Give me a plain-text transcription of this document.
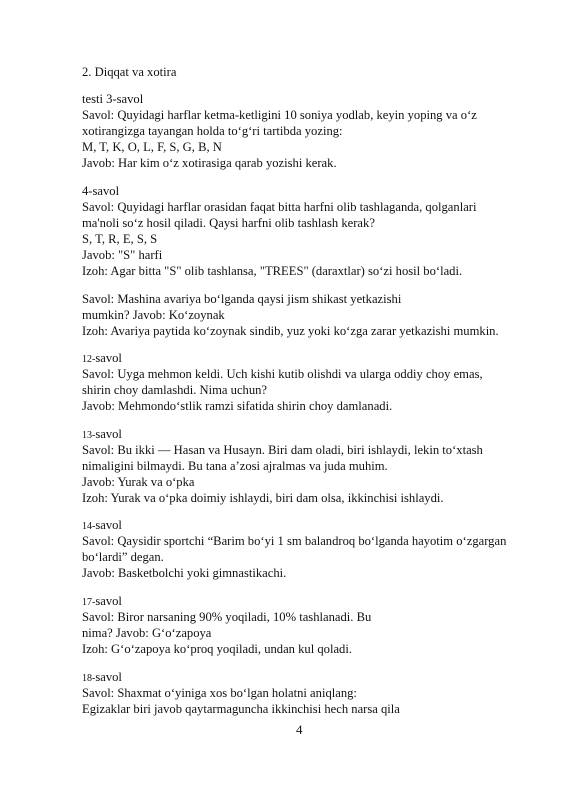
2. Diqqat va xotira
testi 3-savol
Savol: Quyidagi harflar ketma-ketligini 10 soniya yodlab, keyin yoping va o‘z
xotirangizga tayangan holda to‘g‘ri tartibda yozing:
M, T, K, O, L, F, S, G, B, N
Javob: Har kim o‘z xotirasiga qarab yozishi kerak.
4-savol
Savol: Quyidagi harflar orasidan faqat bitta harfni olib tashlaganda, qolganlari
ma'noli so‘z hosil qiladi. Qaysi harfni olib tashlash kerak?
S, T, R, E, S, S
Javob: "S" harfi
Izoh: Agar bitta "S" olib tashlansa, "TREES" (daraxtlar) so‘zi hosil bo‘ladi.
Savol: Mashina avariya bo‘lganda qaysi jism shikast yetkazishi
mumkin? Javob: Ko‘zoynak
Izoh: Avariya paytida ko‘zoynak sindib, yuz yoki ko‘zga zarar yetkazishi mumkin.
12-savol
Savol: Uyga mehmon keldi. Uch kishi kutib olishdi va ularga oddiy choy emas,
shirin choy damlashdi. Nima uchun?
Javob: Mehmondo‘stlik ramzi sifatida shirin choy damlanadi.
13-savol
Savol: Bu ikki — Hasan va Husayn. Biri dam oladi, biri ishlaydi, lekin to‘xtash
nimaligini bilmaydi. Bu tana a’zosi ajralmas va juda muhim.
Javob: Yurak va o‘pka
Izoh: Yurak va o‘pka doimiy ishlaydi, biri dam olsa, ikkinchisi ishlaydi.
14-savol
Savol: Qaysidir sportchi “Barim bo‘yi 1 sm balandroq bo‘lganda hayotim o‘zgargan
bo‘lardi” degan.
Javob: Basketbolchi yoki gimnastikachi.
17-savol
Savol: Biror narsaning 90% yoqiladi, 10% tashlanadi. Bu
nima? Javob: G‘o‘zapoya
Izoh: G‘o‘zapoya ko‘proq yoqiladi, undan kul qoladi.
18-savol
Savol: Shaxmat o‘yiniga xos bo‘lgan holatni aniqlang:
Egizaklar biri javob qaytarmaguncha ikkinchisi hech narsa qila
4
